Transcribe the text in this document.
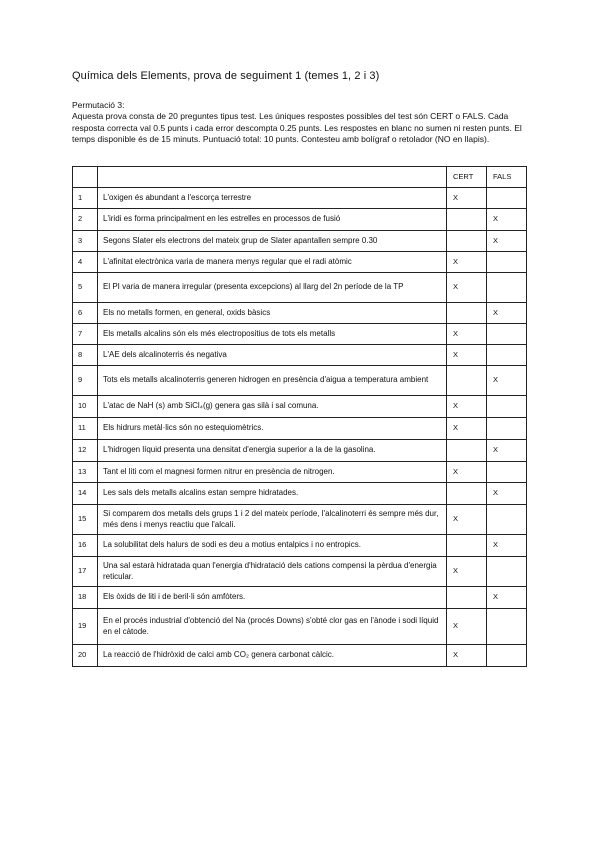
Química dels Elements, prova de seguiment 1 (temes 1, 2 i 3)
Permutació 3:
Aquesta prova consta de 20 preguntes tipus test. Les úniques respostes possibles del test són CERT o FALS. Cada resposta correcta val 0.5 punts i cada error descompta 0.25 punts. Les respostes en blanc no sumen ni resten punts. El temps disponible és de 15 minuts. Puntuació total: 10 punts. Contesteu amb bolígraf o retolador (NO en llapis).
		CERT	FALS
1	L'oxigen és abundant a l'escorça terrestre	X	
2	L'iridi es forma principalment en les estrelles en processos de fusió		X
3	Segons Slater els electrons del mateix grup de Slater apantallen sempre 0.30		X
4	L'afinitat electrònica varia de manera menys regular que el radi atòmic	X	
5	El PI varia de manera irregular (presenta excepcions) al llarg del 2n període de la TP	X	
6	Els no metalls formen, en general, oxids bàsics		X
7	Els metalls alcalins són els més electropositius de tots els metalls	X	
8	L'AE dels alcalinoterris és negativa	X	
9	Tots els metalls alcalinoterris generen hidrogen en presència d'aigua a temperatura ambient		X
10	L'atac de NaH (s) amb SiCl₄(g) genera gas silà i sal comuna.	X	
11	Els hidrurs metàl·lics són no estequiomètrics.	X	
12	L'hidrogen líquid presenta una densitat d'energia superior a la de la gasolina.		X
13	Tant el liti com el magnesi formen nitrur en presència de nitrogen.	X	
14	Les sals dels metalls alcalins estan sempre hidratades.		X
15	Si comparem dos metalls dels grups 1 i 2 del mateix període, l'alcalinoterri és sempre més dur, més dens i menys reactiu que l'alcalí.	X	
16	La solubilitat dels halurs de sodi es deu a motius entalpics i no entropics.		X
17	Una sal estarà hidratada quan l'energia d'hidratació dels cations compensi la pèrdua d'energia reticular.	X	
18	Els òxids de liti i de beril·li són amfòters.		X
19	En el procés industrial d'obtenció del Na (procés Downs) s'obté clor gas en l'ànode i sodi líquid en el càtode.	X	
20	La reacció de l'hidròxid de calci amb CO₂ genera carbonat càlcic.	X	
